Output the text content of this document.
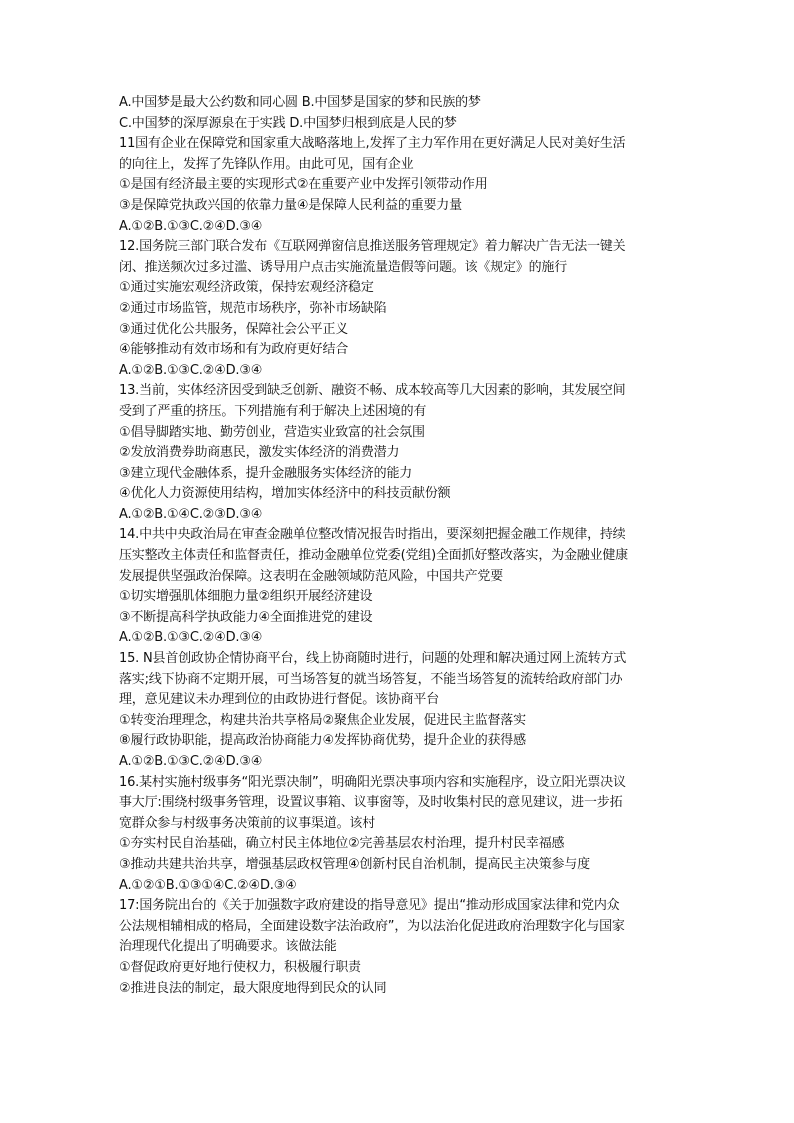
A.中国梦是最大公约数和同心圆 B.中国梦是国家的梦和民族的梦
C.中国梦的深厚源泉在于实践 D.中国梦归根到底是人民的梦
11国有企业在保障党和国家重大战略落地上,发挥了主力军作用在更好满足人民对美好生活
的向往上，发挥了先锋队作用。由此可见，国有企业
①是国有经济最主要的实现形式②在重要产业中发挥引领带动作用
③是保障党执政兴国的依靠力量④是保障人民利益的重要力量
A.①②B.①③C.②④D.③④
12.国务院三部门联合发布《互联网弹窗信息推送服务管理规定》着力解决广告无法一键关
闭、推送频次过多过滥、诱导用户点击实施流量造假等问题。该《规定》的施行
①通过实施宏观经济政策，保持宏观经济稳定
②通过市场监管，规范市场秩序，弥补市场缺陷
③通过优化公共服务，保障社会公平正义
④能够推动有效市场和有为政府更好结合
A.①②B.①③C.②④D.③④
13.当前，实体经济因受到缺乏创新、融资不畅、成本较高等几大因素的影响，其发展空间
受到了严重的挤压。下列措施有利于解决上述困境的有
①倡导脚踏实地、勤劳创业，营造实业致富的社会氛围
②发放消费券助商惠民，激发实体经济的消费潜力
③建立现代金融体系，提升金融服务实体经济的能力
④优化人力资源使用结构，增加实体经济中的科技贡献份额
A.①②B.①④C.②③D.③④
14.中共中央政治局在审查金融单位整改情况报告时指出，要深刻把握金融工作规律，持续
压实整改主体责任和监督责任，推动金融单位党委(党组)全面抓好整改落实，为金融业健康
发展提供坚强政治保障。这表明在金融领域防范风险，中国共产党要
①切实增强肌体细胞力量②组织开展经济建设
③不断提高科学执政能力④全面推进党的建设
A.①②B.①③C.②④D.③④
15. N县首创政协企情协商平台，线上协商随时进行，问题的处理和解决通过网上流转方式
落实;线下协商不定期开展，可当场答复的就当场答复，不能当场答复的流转给政府部门办
理，意见建议未办理到位的由政协进行督促。该协商平台
①转变治理理念，构建共治共享格局②聚焦企业发展，促进民主监督落实
⑧履行政协职能，提高政治协商能力④发挥协商优势，提升企业的获得感
A.①②B.①③C.②④D.③④
16.某村实施村级事务“阳光票决制”，明确阳光票决事项内容和实施程序，设立阳光票决议
事大厅:围绕村级事务管理，设置议事箱、议事窗等，及时收集村民的意见建议，进一步拓
宽群众参与村级事务决策前的议事渠道。该村
①夯实村民自治基础，确立村民主体地位②完善基层农村治理，提升村民幸福感
③推动共建共治共享，增强基层政权管理④创新村民自治机制，提高民主决策参与度
A.①②①B.①③①④C.②④D.③④
17:国务院出台的《关于加强数字政府建设的指导意见》提出“推动形成国家法律和党内众
公法规相辅相成的格局，全面建设数字法治政府”，为以法治化促进政府治理数字化与国家
治理现代化提出了明确要求。该做法能
①督促政府更好地行使权力，积极履行职责
②推进良法的制定，最大限度地得到民众的认同
